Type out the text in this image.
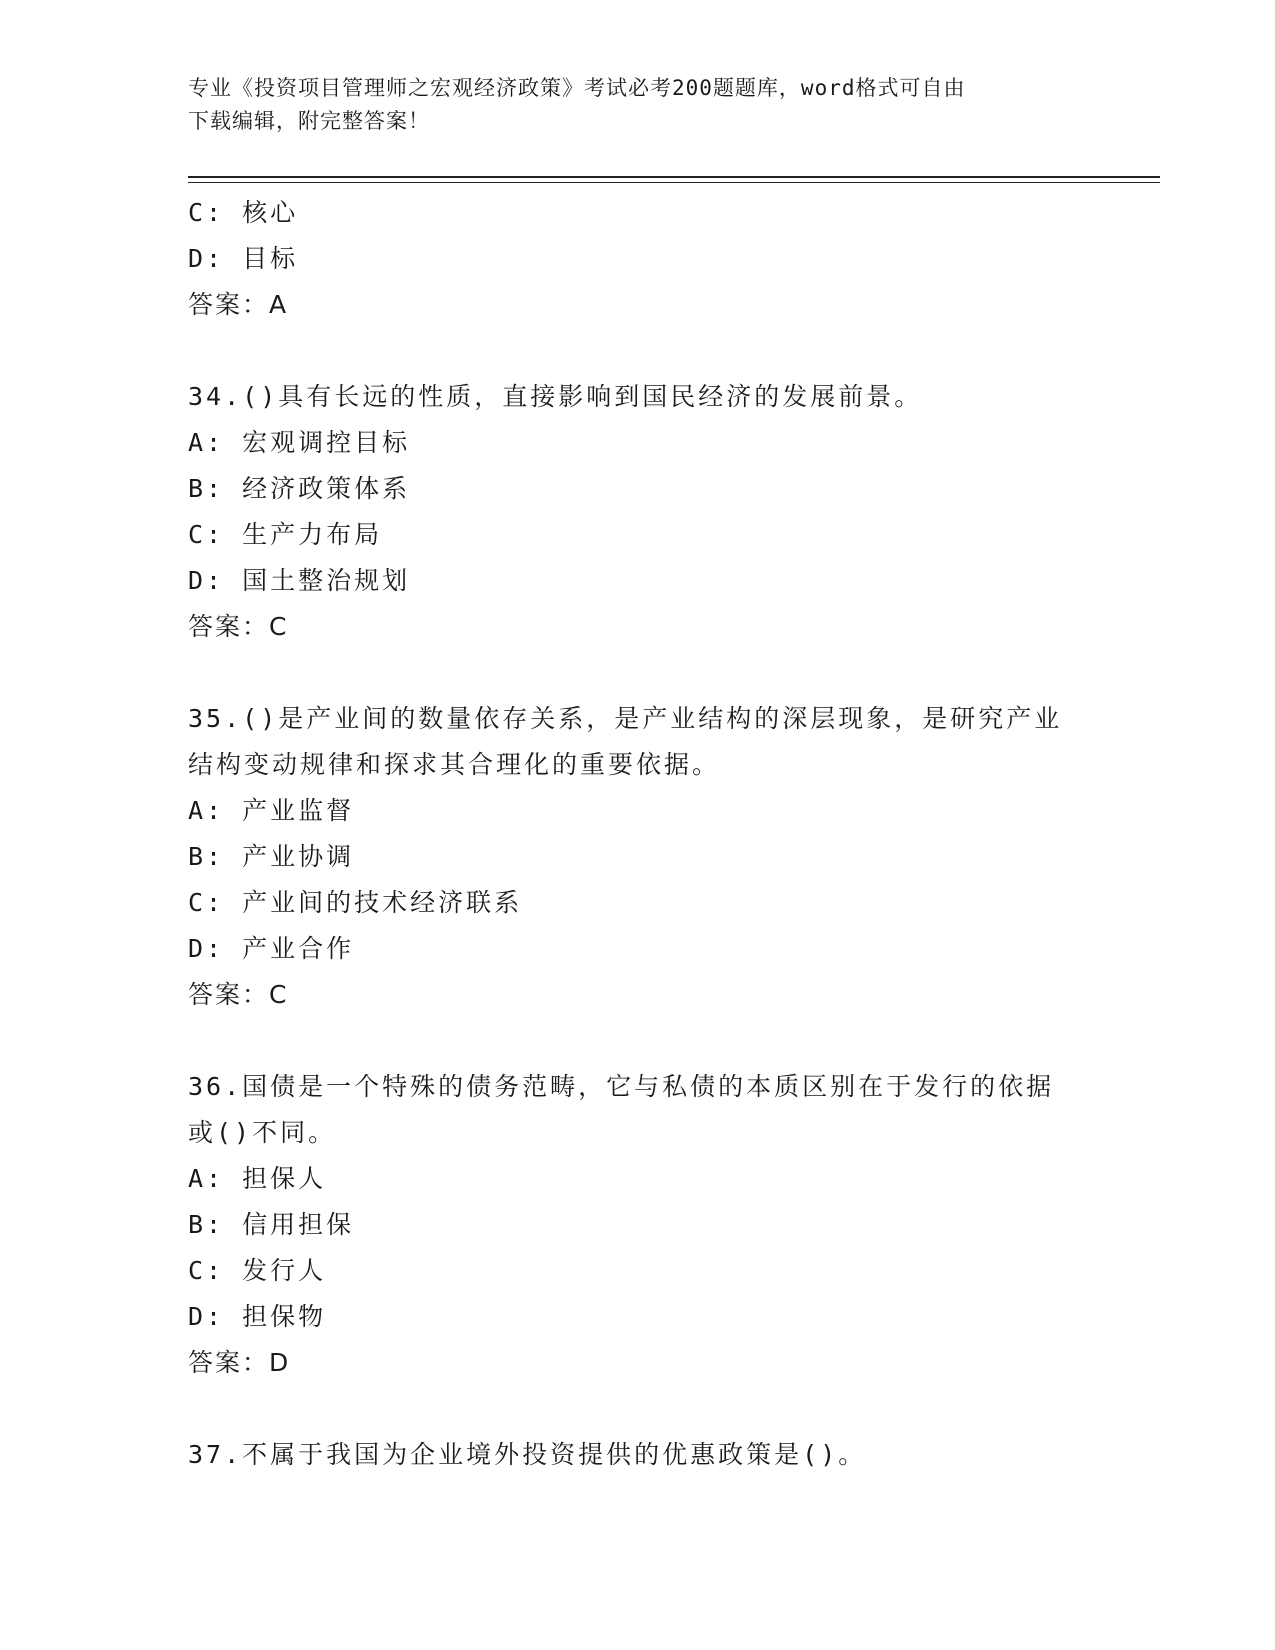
专业《投资项目管理师之宏观经济政策》考试必考200题题库，word格式可自由
下载编辑，附完整答案！
C: 核心
D: 目标
答案：A
34.()具有长远的性质，直接影响到国民经济的发展前景。
A: 宏观调控目标
B: 经济政策体系
C: 生产力布局
D: 国土整治规划
答案：C
35.()是产业间的数量依存关系，是产业结构的深层现象，是研究产业
结构变动规律和探求其合理化的重要依据。
A: 产业监督
B: 产业协调
C: 产业间的技术经济联系
D: 产业合作
答案：C
36.国债是一个特殊的债务范畴，它与私债的本质区别在于发行的依据
或()不同。
A: 担保人
B: 信用担保
C: 发行人
D: 担保物
答案：D
37.不属于我国为企业境外投资提供的优惠政策是()。
